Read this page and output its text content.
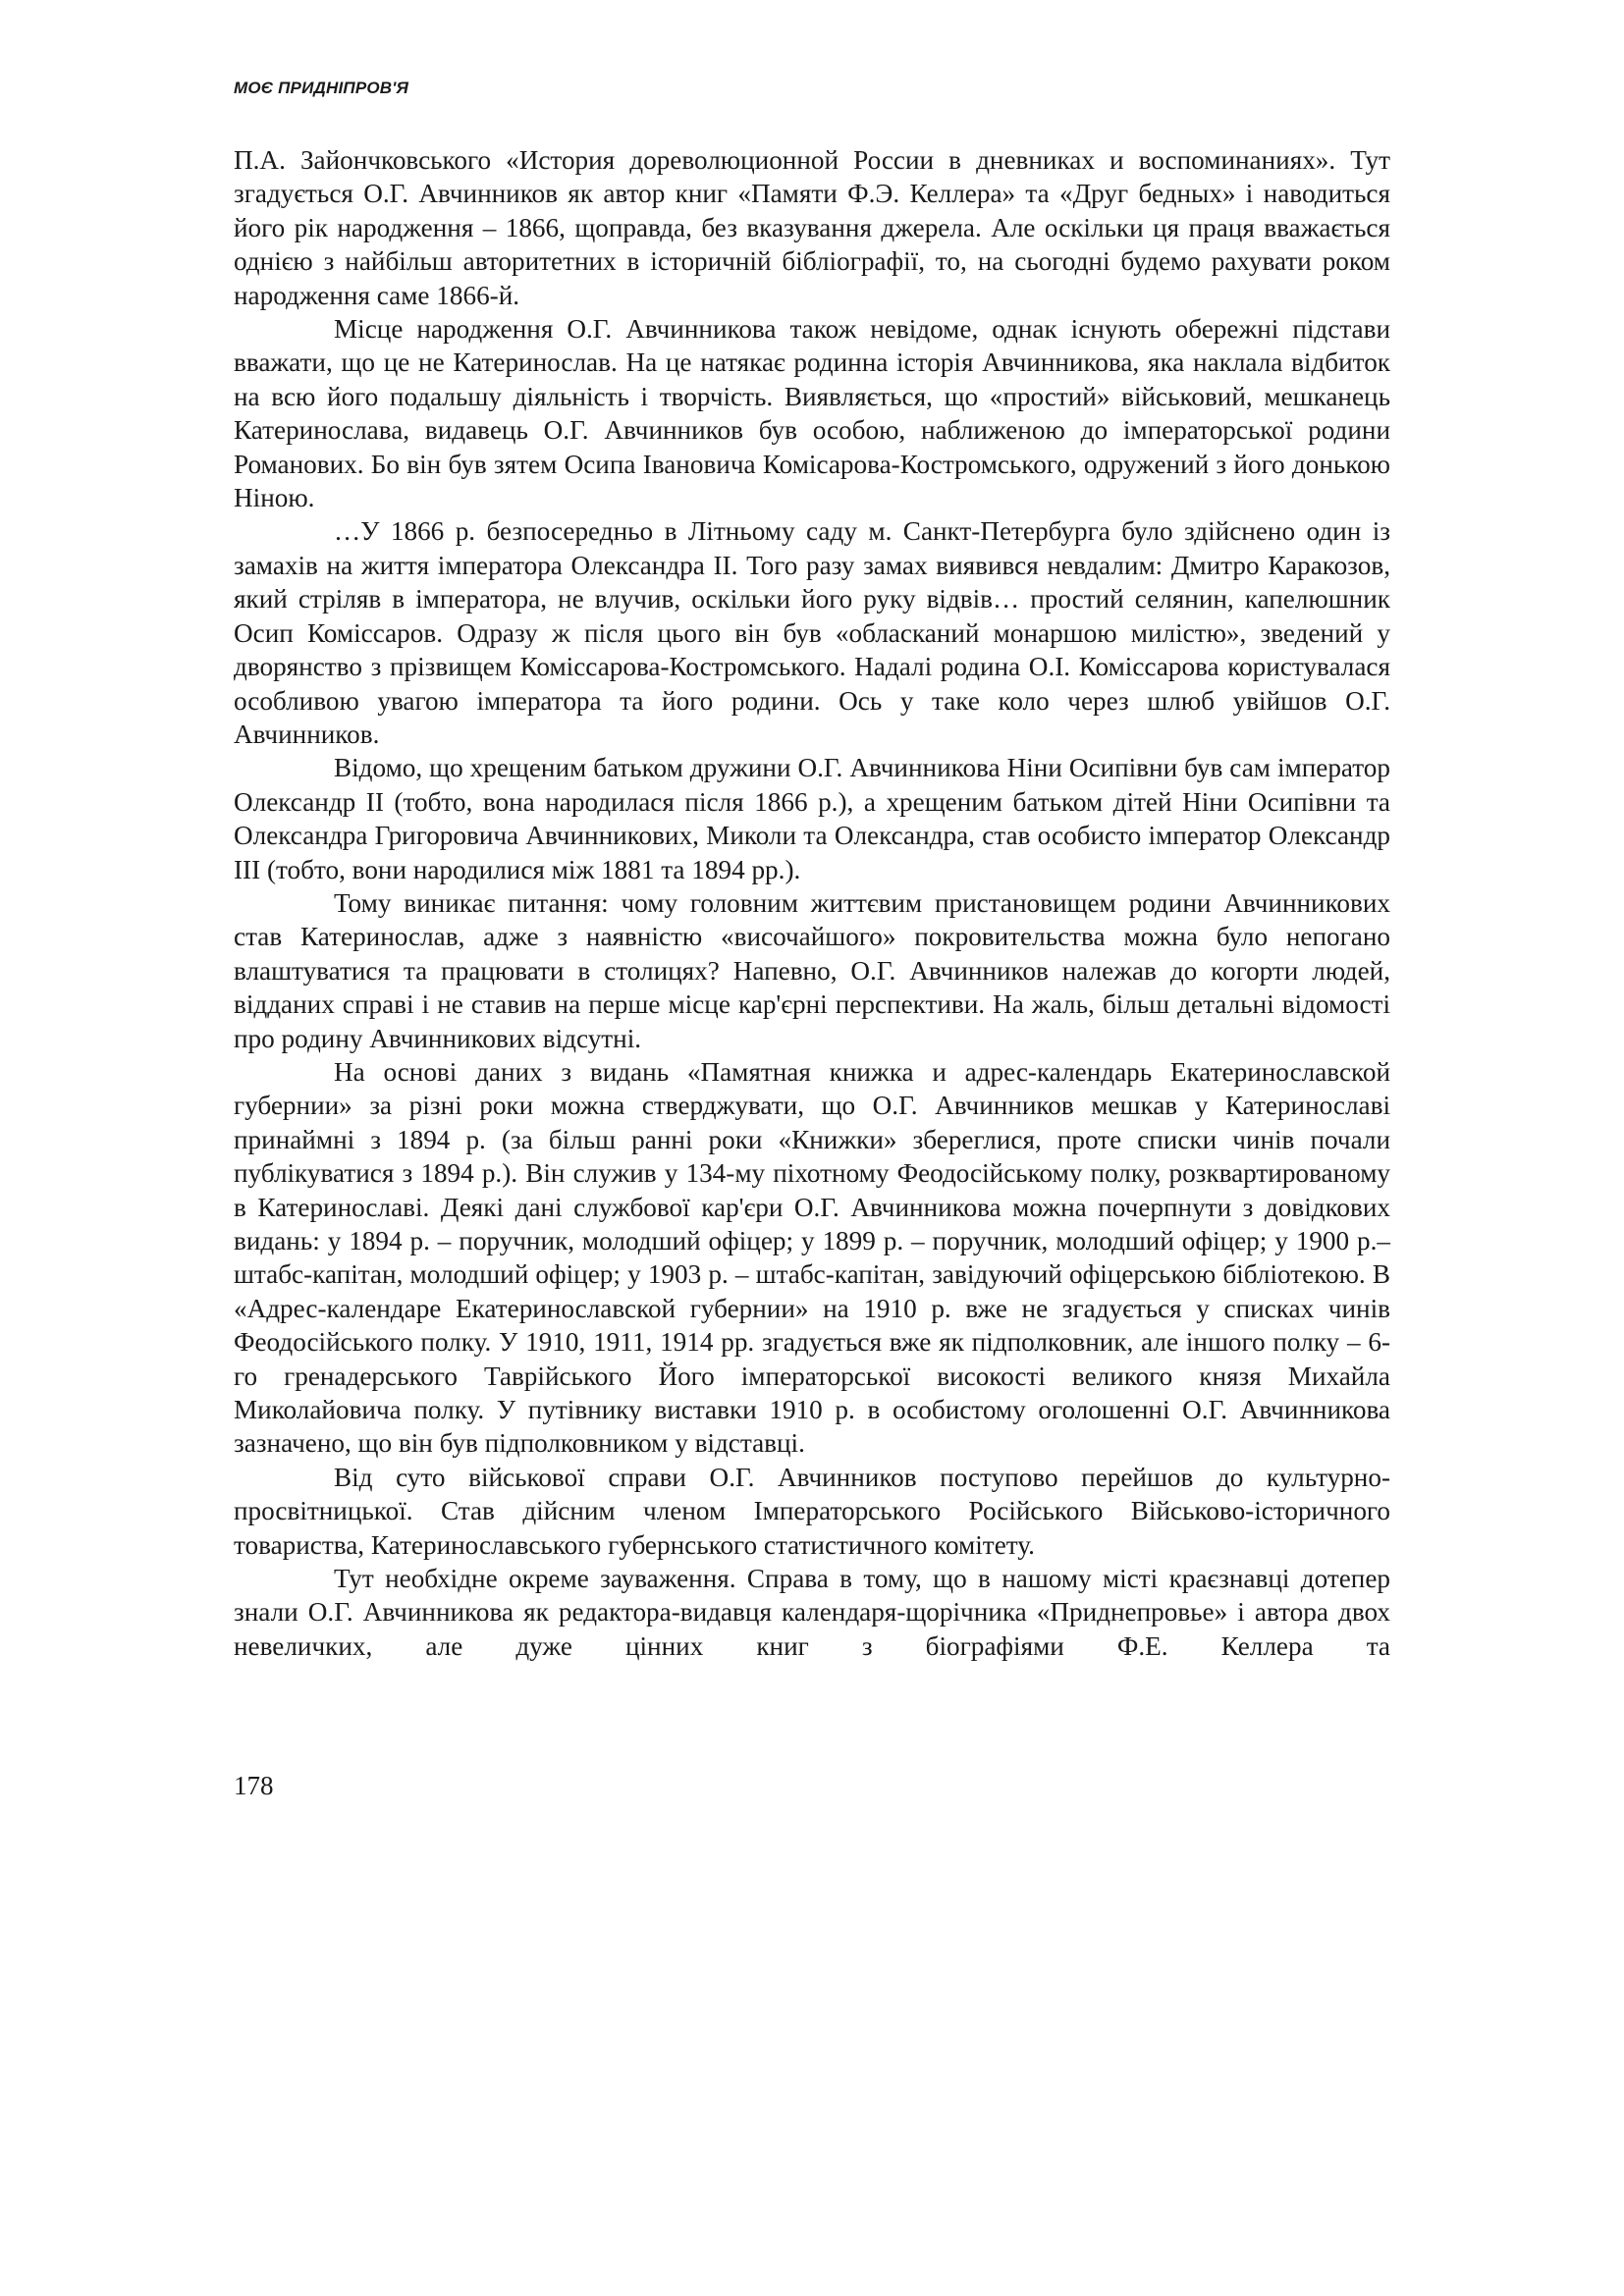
МОЄ ПРИДНІПРОВ'Я

П.А. Зайончковського «История дореволюционной России в дневниках и воспоминаниях». Тут згадується О.Г. Авчинников як автор книг «Памяти Ф.Э. Келлера» та «Друг бедных» і наводиться його рік народження – 1866, щоправда, без вказування джерела. Але оскільки ця праця вважається однією з найбільш авторитетних в історичній бібліографії, то, на сьогодні будемо рахувати роком народження саме 1866-й.

Місце народження О.Г. Авчинникова також невідоме, однак існують обережні підстави вважати, що це не Катеринослав. На це натякає родинна історія Авчинникова, яка наклала відбиток на всю його подальшу діяльність і творчість. Виявляється, що «простий» військовий, мешканець Катеринослава, видавець О.Г. Авчинников був особою, наближеною до імператорської родини Романових. Бо він був зятем Осипа Івановича Комісарова-Костромського, одружений з його донькою Ніною.

…У 1866 р. безпосередньо в Літньому саду м. Санкт-Петербурга було здійснено один із замахів на життя імператора Олександра II. Того разу замах виявився невдалим: Дмитро Каракозов, який стріляв в імператора, не влучив, оскільки його руку відвів… простий селянин, капелюшник Осип Коміссаров. Одразу ж після цього він був «обласканий монаршою милістю», зведений у дворянство з прізвищем Коміссарова-Костромського. Надалі родина О.І. Коміссарова користувалася особливою увагою імператора та його родини. Ось у таке коло через шлюб увійшов О.Г. Авчинников.

Відомо, що хрещеним батьком дружини О.Г. Авчинникова Ніни Осипівни був сам імператор Олександр ІІ (тобто, вона народилася після 1866 р.), а хрещеним батьком дітей Ніни Осипівни та Олександра Григоровича Авчинникових, Миколи та Олександра, став особисто імператор Олександр ІІІ (тобто, вони народилися між 1881 та 1894 рр.).

Тому виникає питання: чому головним життєвим пристановищем родини Авчинникових став Катеринослав, адже з наявністю «височайшого» покровительства можна було непогано влаштуватися та працювати в столицях? Напевно, О.Г. Авчинников належав до когорти людей, відданих справі і не ставив на перше місце кар'єрні перспективи. На жаль, більш детальні відомості про родину Авчинникових відсутні.

На основі даних з видань «Памятная книжка и адрес-календарь Екатеринославской губернии» за різні роки можна стверджувати, що О.Г. Авчинников мешкав у Катеринославі принаймні з 1894 р. (за більш ранні роки «Книжки» збереглися, проте списки чинів почали публікуватися з 1894 р.). Він служив у 134-му піхотному Феодосійському полку, розквартированому в Катеринославі. Деякі дані службової кар'єри О.Г. Авчинникова можна почерпнути з довідкових видань: у 1894 р. – поручник, молодший офіцер; у 1899 р. – поручник, молодший офіцер; у 1900 р.– штабс-капітан, молодший офіцер; у 1903 р. – штабс-капітан, завідуючий офіцерською бібліотекою. В «Адрес-календаре Екатеринославской губернии» на 1910 р. вже не згадується у списках чинів Феодосійського полку. У 1910, 1911, 1914 рр. згадується вже як підполковник, але іншого полку – 6-го гренадерського Таврійського Його імператорської високості великого князя Михайла Миколайовича полку. У путівнику виставки 1910 р. в особистому оголошенні О.Г. Авчинникова зазначено, що він був підполковником у відставці.

Від суто військової справи О.Г. Авчинников поступово перейшов до культурно-просвітницької. Став дійсним членом Імператорського Російського Військово-історичного товариства, Катеринославського губернського статистичного комітету.

Тут необхідне окреме зауваження. Справа в тому, що в нашому місті краєзнавці дотепер знали О.Г. Авчинникова як редактора-видавця календаря-щорічника «Приднепровье» і автора двох невеличких, але дуже цінних книг з біографіями Ф.Е. Келлера та

178
